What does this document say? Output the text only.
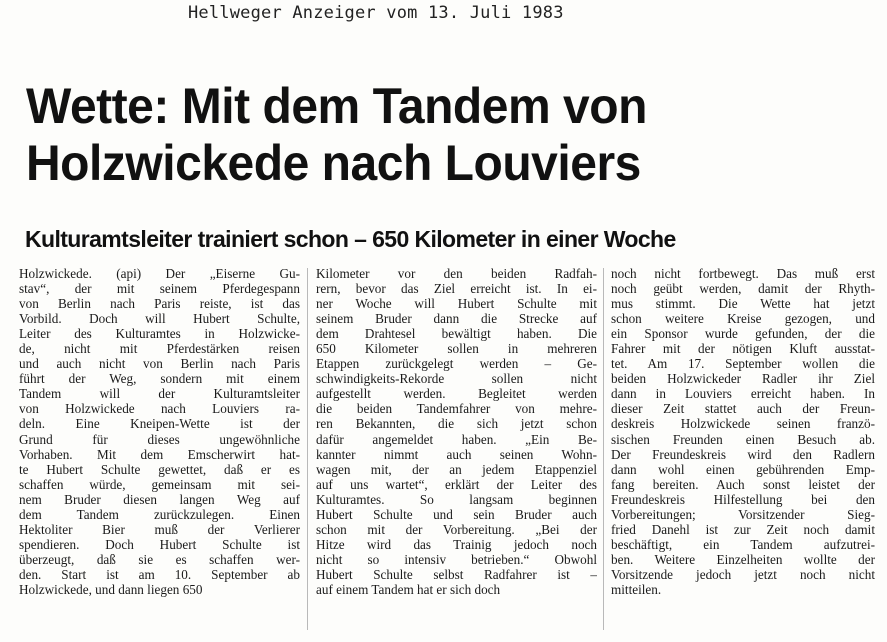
Hellweger Anzeiger vom 13. Juli 1983
Wette: Mit dem Tandem von
Holzwickede nach Louviers
Kulturamtsleiter trainiert schon – 650 Kilometer in einer Woche
Holzwickede. (api) Der „Eiserne Gu-
stav“, der mit seinem Pferdegespann
von Berlin nach Paris reiste, ist das
Vorbild. Doch will Hubert Schulte,
Leiter des Kulturamtes in Holzwicke-
de, nicht mit Pferdestärken reisen
und auch nicht von Berlin nach Paris
führt der Weg, sondern mit einem
Tandem will der Kulturamtsleiter
von Holzwickede nach Louviers ra-
deln. Eine Kneipen-Wette ist der
Grund für dieses ungewöhnliche
Vorhaben. Mit dem Emscherwirt hat-
te Hubert Schulte gewettet, daß er es
schaffen würde, gemeinsam mit sei-
nem Bruder diesen langen Weg auf
dem Tandem zurückzulegen. Einen
Hektoliter Bier muß der Verlierer
spendieren. Doch Hubert Schulte ist
überzeugt, daß sie es schaffen wer-
den. Start ist am 10. September ab
Holzwickede, und dann liegen 650
Kilometer vor den beiden Radfah-
rern, bevor das Ziel erreicht ist. In ei-
ner Woche will Hubert Schulte mit
seinem Bruder dann die Strecke auf
dem Drahtesel bewältigt haben. Die
650 Kilometer sollen in mehreren
Etappen zurückgelegt werden – Ge-
schwindigkeits-Rekorde sollen nicht
aufgestellt werden. Begleitet werden
die beiden Tandemfahrer von mehre-
ren Bekannten, die sich jetzt schon
dafür angemeldet haben. „Ein Be-
kannter nimmt auch seinen Wohn-
wagen mit, der an jedem Etappenziel
auf uns wartet“, erklärt der Leiter des
Kulturamtes. So langsam beginnen
Hubert Schulte und sein Bruder auch
schon mit der Vorbereitung. „Bei der
Hitze wird das Trainig jedoch noch
nicht so intensiv betrieben.“ Obwohl
Hubert Schulte selbst Radfahrer ist –
auf einem Tandem hat er sich doch
noch nicht fortbewegt. Das muß erst
noch geübt werden, damit der Rhyth-
mus stimmt. Die Wette hat jetzt
schon weitere Kreise gezogen, und
ein Sponsor wurde gefunden, der die
Fahrer mit der nötigen Kluft ausstat-
tet. Am 17. September wollen die
beiden Holzwickeder Radler ihr Ziel
dann in Louviers erreicht haben. In
dieser Zeit stattet auch der Freun-
deskreis Holzwickede seinen franzö-
sischen Freunden einen Besuch ab.
Der Freundeskreis wird den Radlern
dann wohl einen gebührenden Emp-
fang bereiten. Auch sonst leistet der
Freundeskreis Hilfestellung bei den
Vorbereitungen; Vorsitzender Sieg-
fried Danehl ist zur Zeit noch damit
beschäftigt, ein Tandem aufzutrei-
ben. Weitere Einzelheiten wollte der
Vorsitzende jedoch jetzt noch nicht
mitteilen.
